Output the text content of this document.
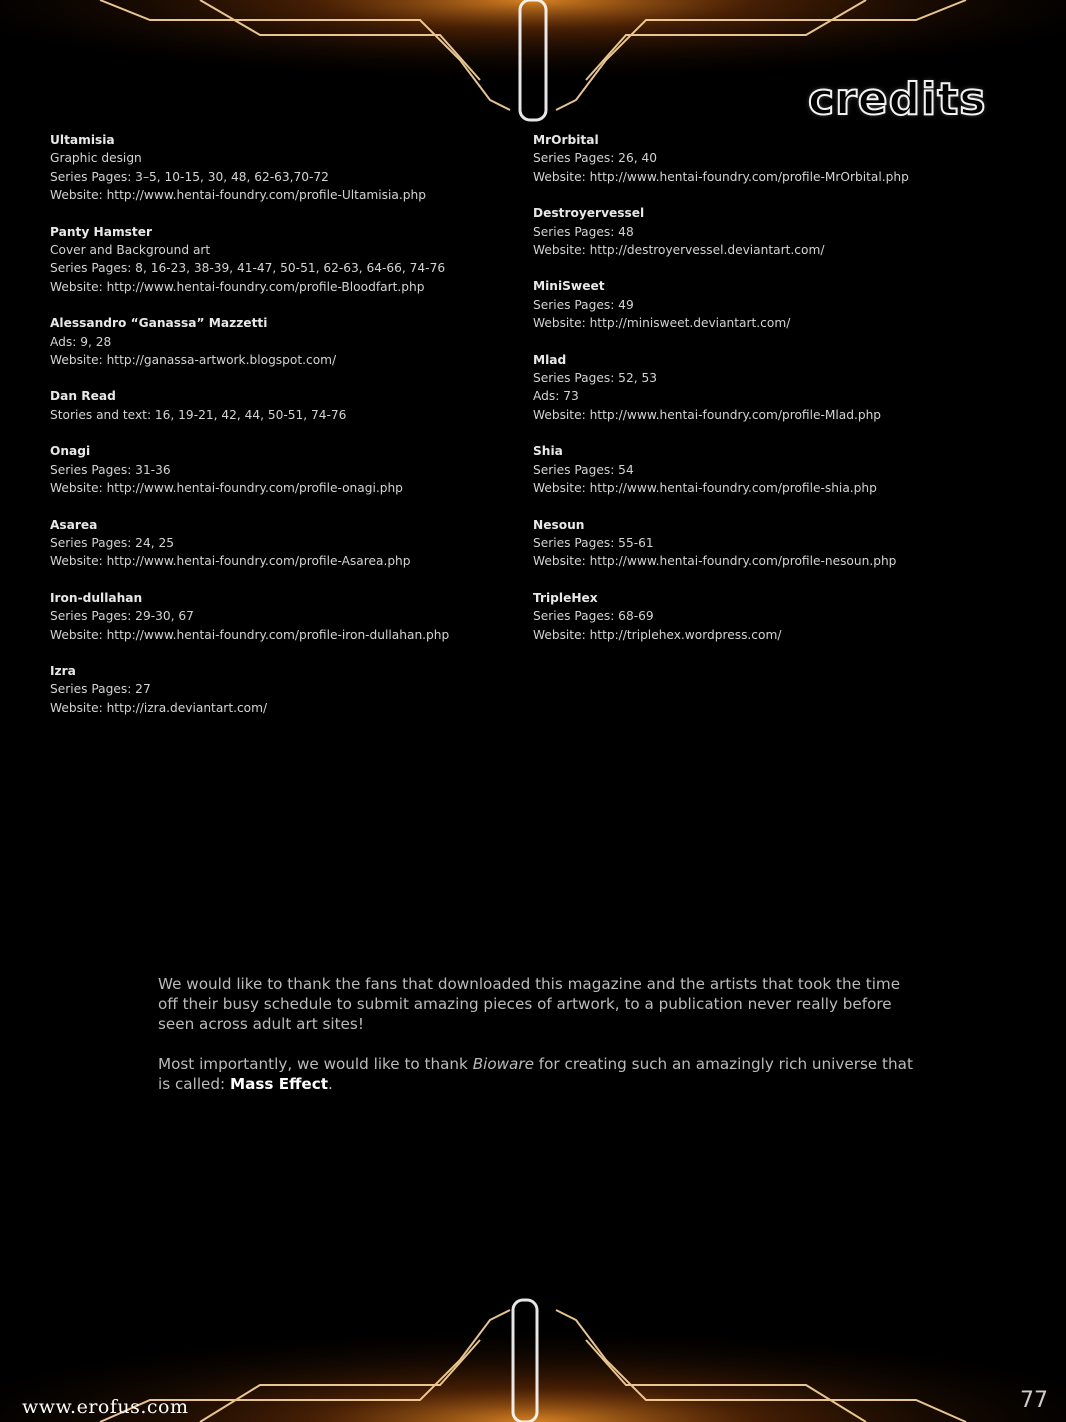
credits
Ultamisia
Graphic design
Series Pages: 3–5, 10-15, 30, 48, 62-63,70-72
Website: http://www.hentai-foundry.com/profile-Ultamisia.php
Panty Hamster
Cover and Background art
Series Pages: 8, 16-23, 38-39, 41-47, 50-51, 62-63, 64-66, 74-76
Website: http://www.hentai-foundry.com/profile-Bloodfart.php
Alessandro “Ganassa” Mazzetti
Ads: 9, 28
Website: http://ganassa-artwork.blogspot.com/
Dan Read
Stories and text: 16, 19-21, 42, 44, 50-51, 74-76
Onagi
Series Pages: 31-36
Website: http://www.hentai-foundry.com/profile-onagi.php
Asarea
Series Pages: 24, 25
Website: http://www.hentai-foundry.com/profile-Asarea.php
Iron-dullahan
Series Pages: 29-30, 67
Website: http://www.hentai-foundry.com/profile-iron-dullahan.php
Izra
Series Pages: 27
Website: http://izra.deviantart.com/
MrOrbital
Series Pages: 26, 40
Website: http://www.hentai-foundry.com/profile-MrOrbital.php
Destroyervessel
Series Pages: 48
Website: http://destroyervessel.deviantart.com/
MiniSweet
Series Pages: 49
Website: http://minisweet.deviantart.com/
Mlad
Series Pages: 52, 53
Ads: 73
Website: http://www.hentai-foundry.com/profile-Mlad.php
Shia
Series Pages: 54
Website: http://www.hentai-foundry.com/profile-shia.php
Nesoun
Series Pages: 55-61
Website: http://www.hentai-foundry.com/profile-nesoun.php
TripleHex
Series Pages: 68-69
Website: http://triplehex.wordpress.com/

We would like to thank the fans that downloaded this magazine and the artists that took the time off their busy schedule to submit amazing pieces of artwork, to a publication never really before seen across adult art sites!

Most importantly, we would like to thank Bioware for creating such an amazingly rich universe that is called: Mass Effect.

www.erofus.com	77
